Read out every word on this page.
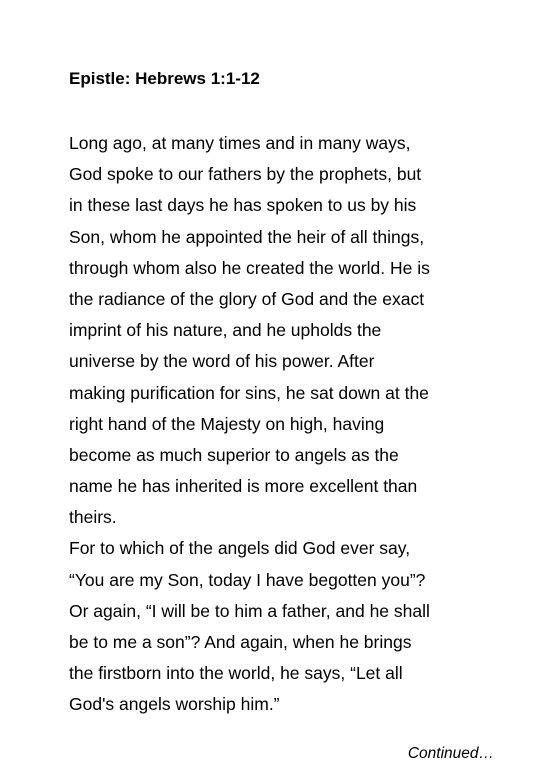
Epistle: Hebrews 1:1-12
Long ago, at many times and in many ways,
God spoke to our fathers by the prophets, but
in these last days he has spoken to us by his
Son, whom he appointed the heir of all things,
through whom also he created the world. He is
the radiance of the glory of God and the exact
imprint of his nature, and he upholds the
universe by the word of his power. After
making purification for sins, he sat down at the
right hand of the Majesty on high, having
become as much superior to angels as the
name he has inherited is more excellent than
theirs.
For to which of the angels did God ever say,
“You are my Son, today I have begotten you”?
Or again, “I will be to him a father, and he shall
be to me a son”? And again, when he brings
the firstborn into the world, he says, “Let all
God's angels worship him.”
Continued…
